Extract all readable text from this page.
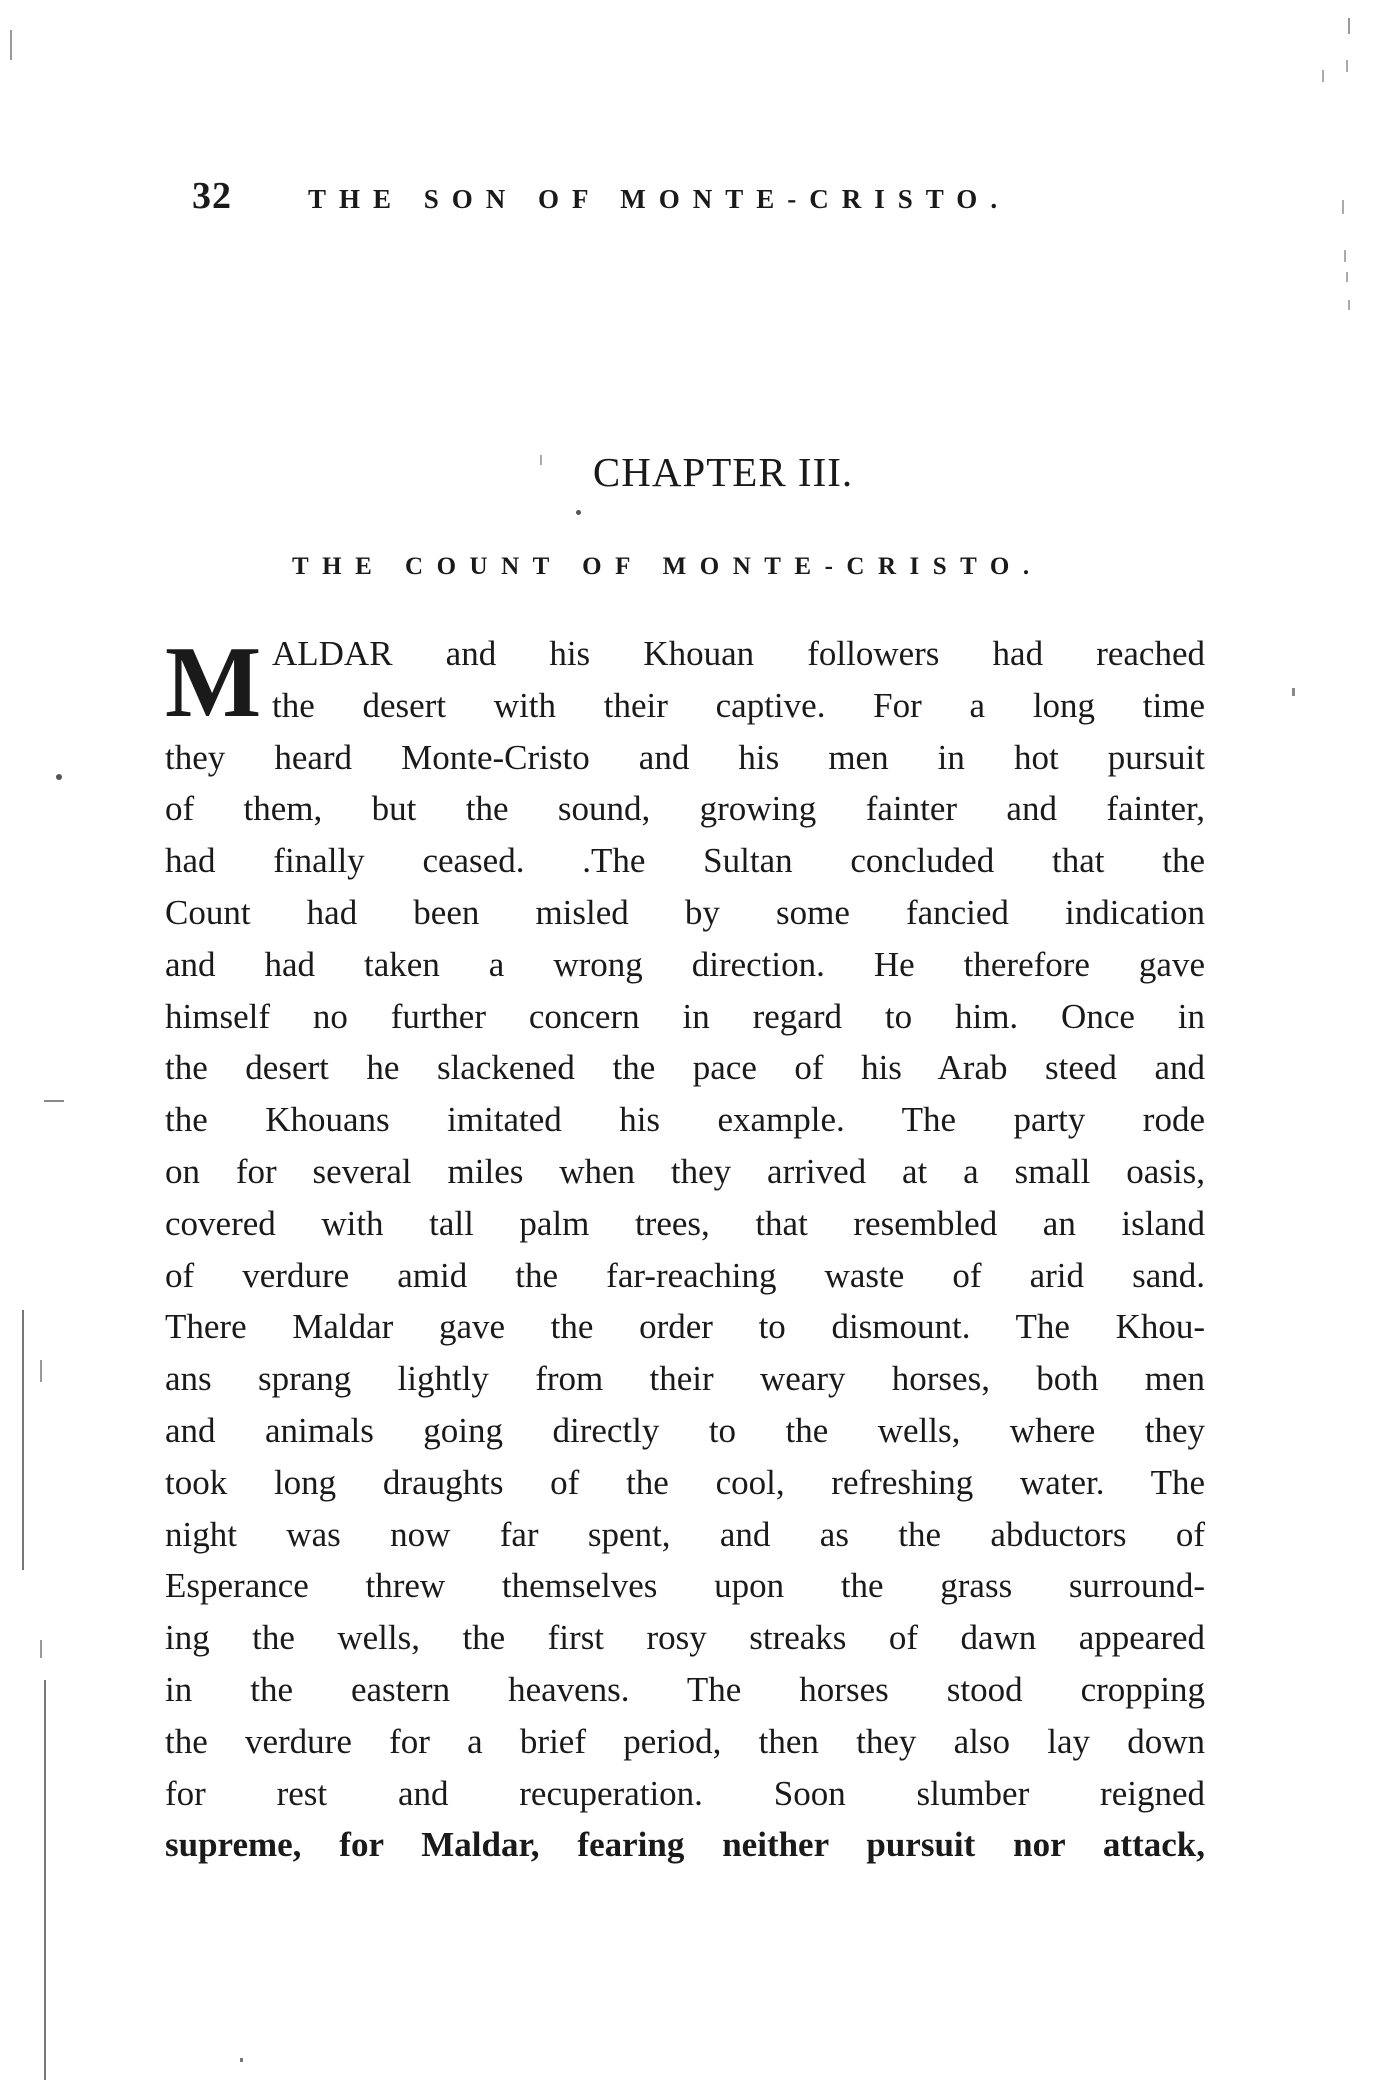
32	THE SON OF MONTE-CRISTO.
CHAPTER III.
THE COUNT OF MONTE-CRISTO.
M ALDAR and his Khouan followers had reached
the desert with their captive. For a long time
they heard Monte-Cristo and his men in hot pursuit
of them, but the sound, growing fainter and fainter,
had finally ceased. .The Sultan concluded that the
Count had been misled by some fancied indication
and had taken a wrong direction. He therefore gave
himself no further concern in regard to him. Once in
the desert he slackened the pace of his Arab steed and
the Khouans imitated his example. The party rode
on for several miles when they arrived at a small oasis,
covered with tall palm trees, that resembled an island
of verdure amid the far-reaching waste of arid sand.
There Maldar gave the order to dismount. The Khou-
ans sprang lightly from their weary horses, both men
and animals going directly to the wells, where they
took long draughts of the cool, refreshing water. The
night was now far spent, and as the abductors of
Esperance threw themselves upon the grass surround-
ing the wells, the first rosy streaks of dawn appeared
in the eastern heavens. The horses stood cropping
the verdure for a brief period, then they also lay down
for rest and recuperation. Soon slumber reigned
supreme, for Maldar, fearing neither pursuit nor attack,
